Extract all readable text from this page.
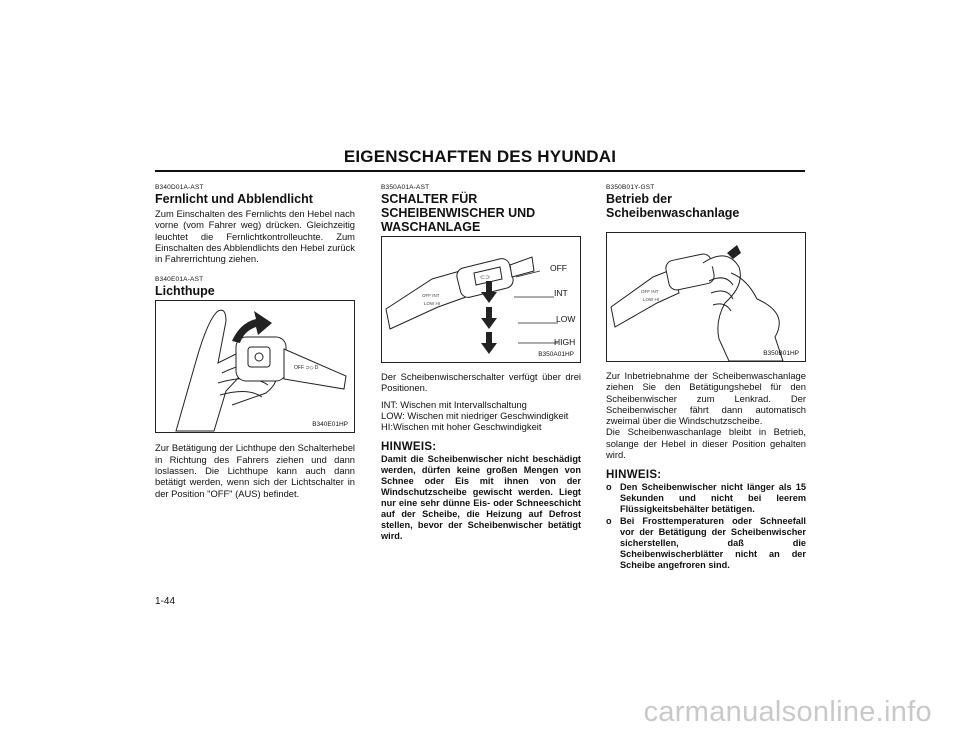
EIGENSCHAFTEN DES HYUNDAI
B340D01A-AST
Fernlicht und Abblendlicht

Zum Einschalten des Fernlichts den Hebel nach vorne (vom Fahrer weg) drücken. Gleichzeitig leuchtet die Fernlichtkontrolleuchte. Zum Einschalten des Abblendlichts den Hebel zurück in Fahrerrichtung ziehen.

B340E01A-AST
Lichthupe
OFF ⊃◇ D
B340E01HP

Zur Betätigung der Lichthupe den Schalterhebel in Richtung des Fahrers ziehen und dann loslassen. Die Lichthupe kann auch dann betätigt werden, wenn sich der Lichtschalter in der Position "OFF" (AUS) befindet.

B350A01A-AST
SCHALTER FÜR SCHEIBENWISCHER UND WASCHANLAGE
OFF INT
LOW HI
⊂⊃
OFF
INT
LOW
HIGH
B350A01HP

Der Scheibenwischerschalter verfügt über drei Positionen.

INT: Wischen mit Intervallschaltung

LOW: Wischen mit niedriger Geschwindigkeit

HI:Wischen mit hoher Geschwindigkeit

HINWEIS:

Damit die Scheibenwischer nicht beschädigt werden, dürfen keine großen Mengen von Schnee oder Eis mit ihnen von der Windschutzscheibe gewischt werden. Liegt nur eine sehr dünne Eis- oder Schneeschicht auf der Scheibe, die Heizung auf Defrost stellen, bevor der Scheibenwischer betätigt wird.

B350B01Y-GST
Betrieb der Scheibenwaschanlage
OFF INT
LOW HI
B350B01HP

Zur Inbetriebnahme der Scheibenwaschanlage ziehen Sie den Betätigungshebel für den Scheibenwischer zum Lenkrad. Der Scheibenwischer fährt dann automatisch zweimal über die Windschutzscheibe.

Die Scheibenwaschanlage bleibt in Betrieb, solange der Hebel in dieser Position gehalten wird.

HINWEIS:
o Den Scheibenwischer nicht länger als 15 Sekunden und nicht bei leerem Flüssigkeitsbehälter betätigen.
o Bei Frosttemperaturen oder Schneefall vor der Betätigung der Scheibenwischer sicherstellen, daß die Scheibenwischerblätter nicht an der Scheibe angefroren sind.
1-44
carmanualsonline.info
